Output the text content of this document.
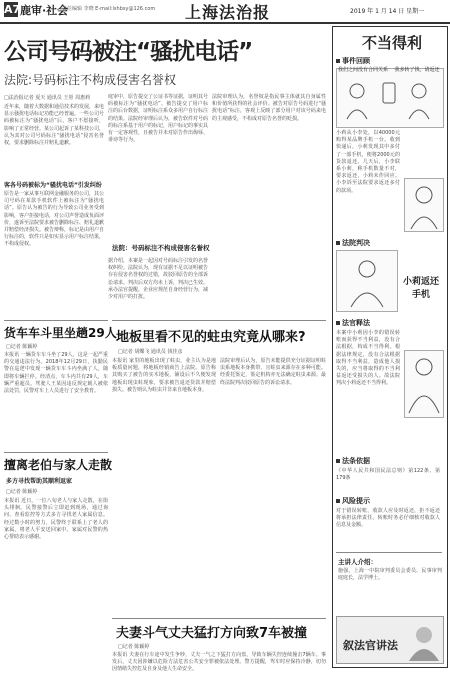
A7 鹿审·社会
责任编辑 李晓 E-mail:lshbsy@126.com 上海法治报	2019 年 1 月 14 日 星期一
公司号码被注“骚扰电话”
法院:号码标注不构成侵害名誉权
□法治报记者 夏天 通讯员 王彤 周惠莉
近年来，随着大数据和通信技术的发展，来电显示骚扰电话标记功能已经普遍。一些公司号码被标注为“骚扰电话”后，客户不愿接听，影响了正常经营。某公司起诉了某科技公司，认为其对公司号码标注“骚扰电话”侵害名誉权，要求删除标注并赔礼道歉。
客各号码被标为“骚扰电话”引发纠纷
原告是一家从事互联网金融服务的公司，其公司号码在某款手机软件上被标注为“骚扰电话”。原告认为被告的行为导致公司业务受到影响，客户拒接电话，对公司声誉造成负面评价，遂诉至法院要求被告删除标注、赔礼道歉并赔偿经济损失。被告辩称，标记是由用户自行标注的，软件只是如实显示用户标注结果，不构成侵权。
庭审中，原告提交了公证书等证据，证明其号码被标注为“骚扰电话”。被告提交了用户标注的后台数据，证明标注系众多用户自行标注的结果。法院经审理后认为，被告软件对号码的标注系基于用户的标记，用户标记的事实具有一定客观性，且被告并未对原告作出侮辱、诽谤等行为。
法院：号码标注不构成侵害名誉权
据介绍，本案是一起因对号码标注引发的名誉权纠纷。法院认为，现有证据不足以证明被告存在侵害名誉权的过错，故驳回原告的全部诉讼请求。判决后双方均未上诉，判决已生效。承办法官提醒，企业应规范自身经营行为，减少对用户的打扰。
法院审理认为，名誉权是指民事主体就其自身属性和价值所获得的社会评价。被告对原告号码进行“骚扰电话”标注，客观上反映了部分用户对该号码来电的主观感受，不构成对原告名誉的贬损。
货车车斗里坐趟29人
□记者 陈颖婷
本报讯 一辆货车车斗坐了29人，这是一起严重的交通违法行为。2018年12月29日，执勤民警在巡逻中发现一辆货车车斗内坐满了人，随即将车辆拦停。经清点，车斗内共有29人，车辆严重超员。驾驶人王某因违反规定载人被依法处罚，民警对车上人员进行了安全教育。
擅离老伯与家人走散
多方寻找帮助其顺利返家
□记者 陈颖婷
本报讯 近日，一位八旬老人与家人走散，在街头徘徊。民警接警后立即赶到现场，通过询问、查看监控等方式多方寻找老人家属信息。经过数小时的努力，民警终于联系上了老人的家属，将老人平安送回家中。家属对民警的热心帮助表示感谢。
地板里看不见的蛀虫究竟从哪来?
□记者 胡蝶飞 通讯员 钱佳彦
本报讯 家里的地板出现了蛀虫，业主认为是地板质量问题，将地板经销商告上法院。原告称其购买了被告的实木地板，铺设后不久便发现地板出现虫蛀现象，要求被告退还货款并赔偿损失。被告则认为蛀虫并非来自地板本身。
法院审理后认为，原告未能提供充分证据证明蛀虫系地板本身携带，且蛀虫来源存在多种可能。经委托鉴定，鉴定机构亦无法确定蛀虫来源。最终法院判决驳回原告的诉讼请求。
夫妻斗气丈夫猛打方向致7车被撞
□记者 陈颖婷
本报讯 夫妻在行车途中发生争吵，丈夫一气之下猛打方向盘，导致车辆失控连续撞击7辆车。事发后，丈夫因涉嫌以危险方法危害公共安全罪被依法处理。警方提醒，驾车时应保持冷静，切勿因情绪失控危及自身及他人生命安全。
不当得利
事件回顾
我们之间没有合同关系 我多转了钱，请返还
小莉从小李处，以40000元购得某品牌手机一台。收到快递后，小莉发现其中多付了一部手机，便将2000元的货款退还。几天后，小李联系小莉，称手机数量不对，要求返还，小莉未作回应。小李诉至法院要求返还多付的款项。
法院判决
小莉返还手机
法官释法
本案中小莉因小李的错误转账而获得不当利益，没有合法根据，构成不当得利。根据法律规定，没有合法根据取得不当利益，造成他人损失的，应当将取得的不当利益返还受损失的人。故法院判决小莉返还不当得利。
法条依据
《中华人民共和国民法总则》第122条、第179条
风险提示
对于错误转账，收款人应及时返还，拒不返还将承担法律责任。转账时务必仔细核对收款人信息及金额。
主讲人介绍：
施强，上海一中院审判委员会委员、民事审判庭庭长，法学博士。
叙法官讲法
